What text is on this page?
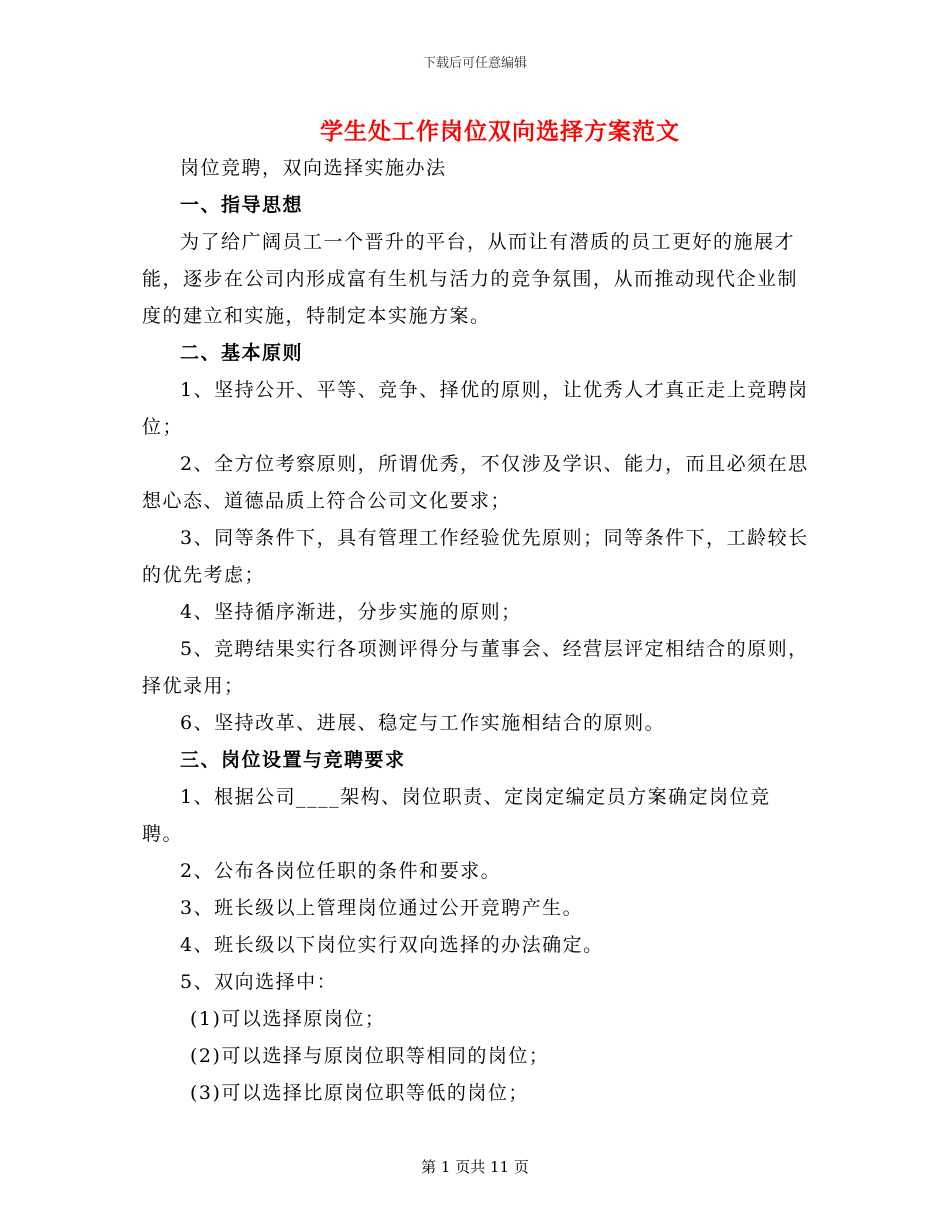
下载后可任意编辑
学生处工作岗位双向选择方案范文

岗位竞聘，双向选择实施办法

一、指导思想

为了给广阔员工一个晋升的平台，从而让有潜质的员工更好的施展才能，逐步在公司内形成富有生机与活力的竞争氛围，从而推动现代企业制度的建立和实施，特制定本实施方案。

二、基本原则

1、坚持公开、平等、竞争、择优的原则，让优秀人才真正走上竞聘岗位；

2、全方位考察原则，所谓优秀，不仅涉及学识、能力，而且必须在思想心态、道德品质上符合公司文化要求；

3、同等条件下，具有管理工作经验优先原则；同等条件下，工龄较长的优先考虑；

4、坚持循序渐进，分步实施的原则；

5、竞聘结果实行各项测评得分与董事会、经营层评定相结合的原则，择优录用；

6、坚持改革、进展、稳定与工作实施相结合的原则。

三、岗位设置与竞聘要求

1、根据公司____架构、岗位职责、定岗定编定员方案确定岗位竞聘。

2、公布各岗位任职的条件和要求。

3、班长级以上管理岗位通过公开竞聘产生。

4、班长级以下岗位实行双向选择的办法确定。

5、双向选择中：

(1)可以选择原岗位；

(2)可以选择与原岗位职等相同的岗位；

(3)可以选择比原岗位职等低的岗位；

第 1 页共 11 页
